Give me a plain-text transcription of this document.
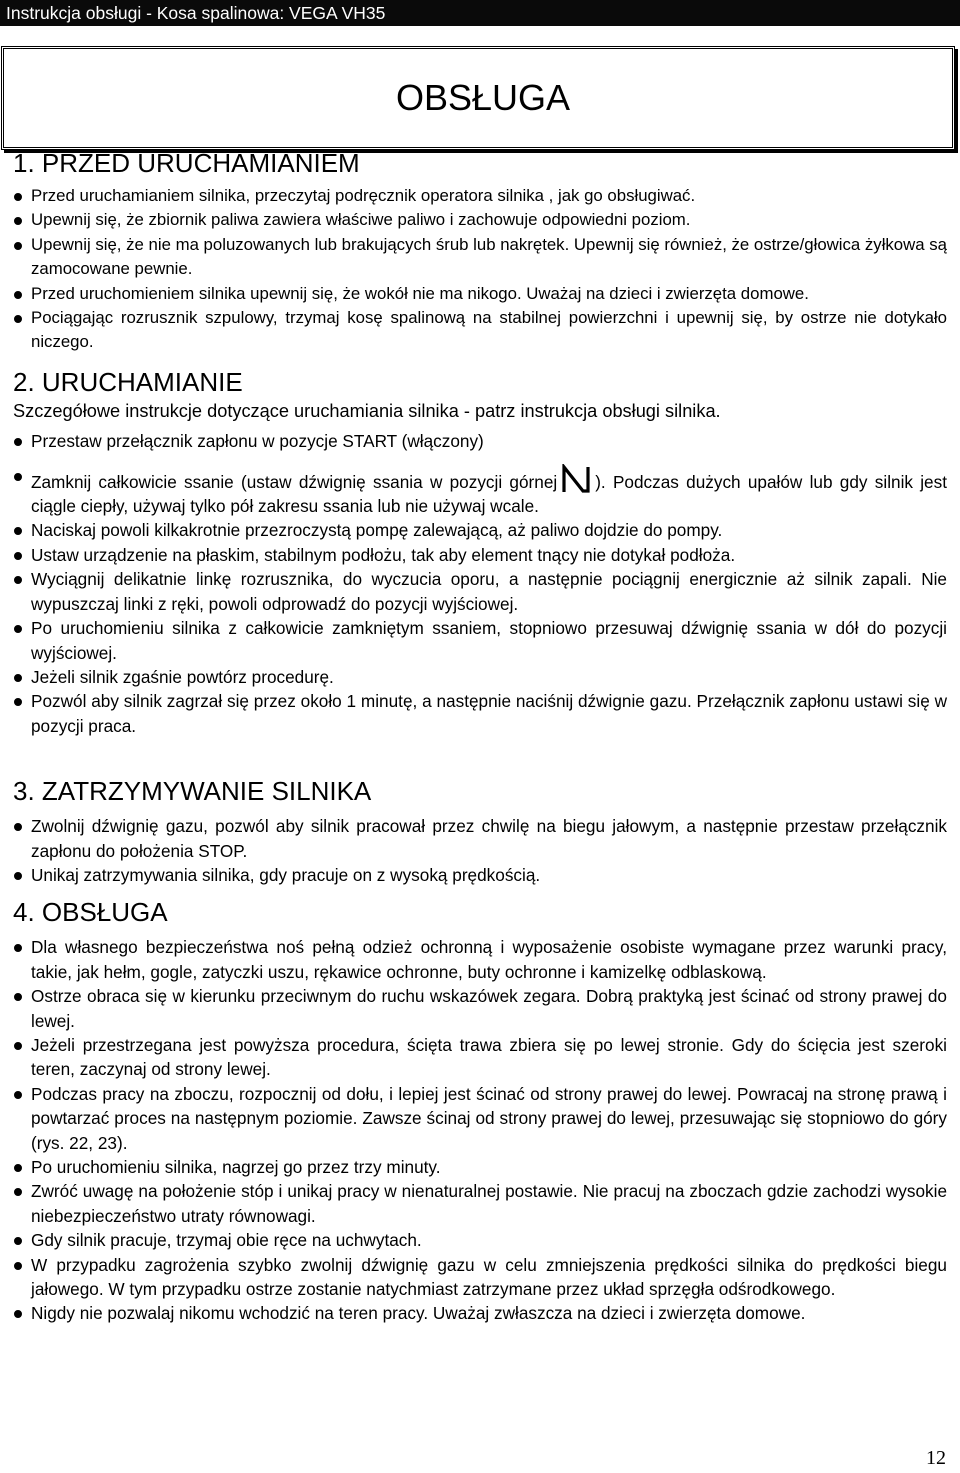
Instrukcja obsługi - Kosa spalinowa: VEGA VH35
OBSŁUGA
1. PRZED URUCHAMIANIEM
Przed uruchamianiem silnika, przeczytaj podręcznik operatora silnika , jak go obsługiwać.
Upewnij się, że zbiornik paliwa zawiera właściwe paliwo i zachowuje odpowiedni poziom.
Upewnij się, że nie ma poluzowanych lub brakujących śrub lub nakrętek. Upewnij się również, że ostrze/głowica żyłkowa są zamocowane pewnie.
Przed uruchomieniem silnika upewnij się, że wokół nie ma nikogo. Uważaj na dzieci i zwierzęta domowe.
Pociągając rozrusznik szpulowy, trzymaj kosę spalinową na stabilnej powierzchni i upewnij się, by ostrze nie dotykało niczego.
2. URUCHAMIANIE

Szczegółowe instrukcje dotyczące uruchamiania silnika - patrz instrukcja obsługi silnika.

Przestaw przełącznik zapłonu w pozycje START (włączony)
Zamknij całkowicie ssanie (ustaw dźwignię ssania w pozycji górnej ). Podczas dużych upałów lub gdy silnik jest ciągle ciepły, używaj tylko pół zakresu ssania lub nie używaj wcale.
Naciskaj powoli kilkakrotnie przezroczystą pompę zalewającą, aż paliwo dojdzie do pompy.
Ustaw urządzenie na płaskim, stabilnym podłożu, tak aby element tnący nie dotykał podłoża.
Wyciągnij delikatnie linkę rozrusznika, do wyczucia oporu, a następnie pociągnij energicznie aż silnik zapali. Nie wypuszczaj linki z ręki, powoli odprowadź do pozycji wyjściowej.
Po uruchomieniu silnika z całkowicie zamkniętym ssaniem, stopniowo przesuwaj dźwignię ssania w dół do pozycji wyjściowej.
Jeżeli silnik zgaśnie powtórz procedurę.
Pozwól aby silnik zagrzał się przez około 1 minutę, a następnie naciśnij dźwignie gazu. Przełącznik zapłonu ustawi się w pozycji praca.
3. ZATRZYMYWANIE SILNIKA
Zwolnij dźwignię gazu, pozwól aby silnik pracował przez chwilę na biegu jałowym, a następnie przestaw przełącznik zapłonu do położenia STOP.
Unikaj zatrzymywania silnika, gdy pracuje on z wysoką prędkością.
4. OBSŁUGA
Dla własnego bezpieczeństwa noś pełną odzież ochronną i wyposażenie osobiste wymagane przez warunki pracy, takie, jak hełm, gogle, zatyczki uszu, rękawice ochronne, buty ochronne i kamizelkę odblaskową.
Ostrze obraca się w kierunku przeciwnym do ruchu wskazówek zegara. Dobrą praktyką jest ścinać od strony prawej do lewej.
Jeżeli przestrzegana jest powyższa procedura, ścięta trawa zbiera się po lewej stronie. Gdy do ścięcia jest szeroki teren, zaczynaj od strony lewej.
Podczas pracy na zboczu, rozpocznij od dołu, i lepiej jest ścinać od strony prawej do lewej. Powracaj na stronę prawą i powtarzać proces na następnym poziomie. Zawsze ścinaj od strony prawej do lewej, przesuwając się stopniowo do góry (rys. 22, 23).
Po uruchomieniu silnika, nagrzej go przez trzy minuty.
Zwróć uwagę na położenie stóp i unikaj pracy w nienaturalnej postawie. Nie pracuj na zboczach gdzie zachodzi wysokie niebezpieczeństwo utraty równowagi.
Gdy silnik pracuje, trzymaj obie ręce na uchwytach.
W przypadku zagrożenia szybko zwolnij dźwignię gazu w celu zmniejszenia prędkości silnika do prędkości biegu jałowego. W tym przypadku ostrze zostanie natychmiast zatrzymane przez układ sprzęgła odśrodkowego.
Nigdy nie pozwalaj nikomu wchodzić na teren pracy. Uważaj zwłaszcza na dzieci i zwierzęta domowe.
12
